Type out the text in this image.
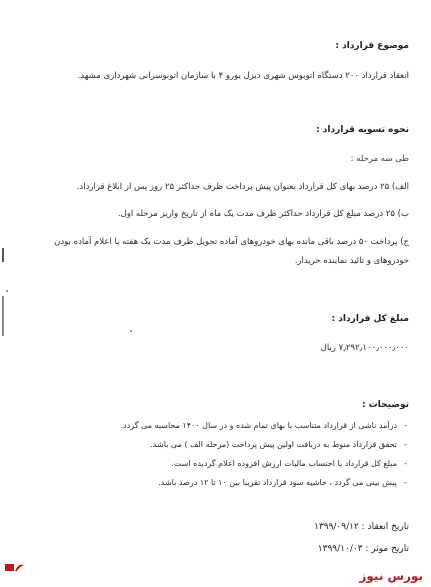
موضوع قرارداد :
انعقاد قرارداد ۲۰۰ دستگاه اتوبوس شهری دیزل یورو ۴ با سازمان اتوبوسرانی شهرداری مشهد.
نحوه تسویه قرارداد :
طی سه مرحله :
الف) ۲۵ درصد بهای کل قرارداد بعنوان پیش پرداخت ظرف حداکثر ۲۵ روز پس از ابلاغ قرارداد.
ب) ۲۵ درصد مبلغ کل قرارداد حداکثر ظرف مدت یک ماه از تاریخ واریز مرحله اول.
ج) پرداخت ۵۰ درصد باقی مانده بهای خودروهای آماده تحویل ظرف مدت یک هفته با اعلام آماده بودن
خودروهای و تائید نماینده خریدار.
مبلغ کل قرارداد :
۷٫۲۹۲٫۱۰۰٫۰۰۰٫۰۰۰ ریال
توضیحات :
- درآمد ناشی از قرارداد متناسب با بهای تمام شده و در سال ۱۴۰۰ محاسبه می گردد.
- تحقق قرارداد منوط به دریافت اولین پیش پرداخت (مرحله الف ) می باشد.
- مبلغ کل قرارداد با احتساب مالیات ارزش افزوده اعلام گردیده است.
- پیش بینی می گردد ، حاشیه سود قرارداد تقریبا بین ۱۰ تا ۱۲ درصد باشد.
تاریخ انعقاد : ۱۳۹۹/۰۹/۱۲
تاریخ موثر : ۱۳۹۹/۱۰/۰۳
بورس نیوز
